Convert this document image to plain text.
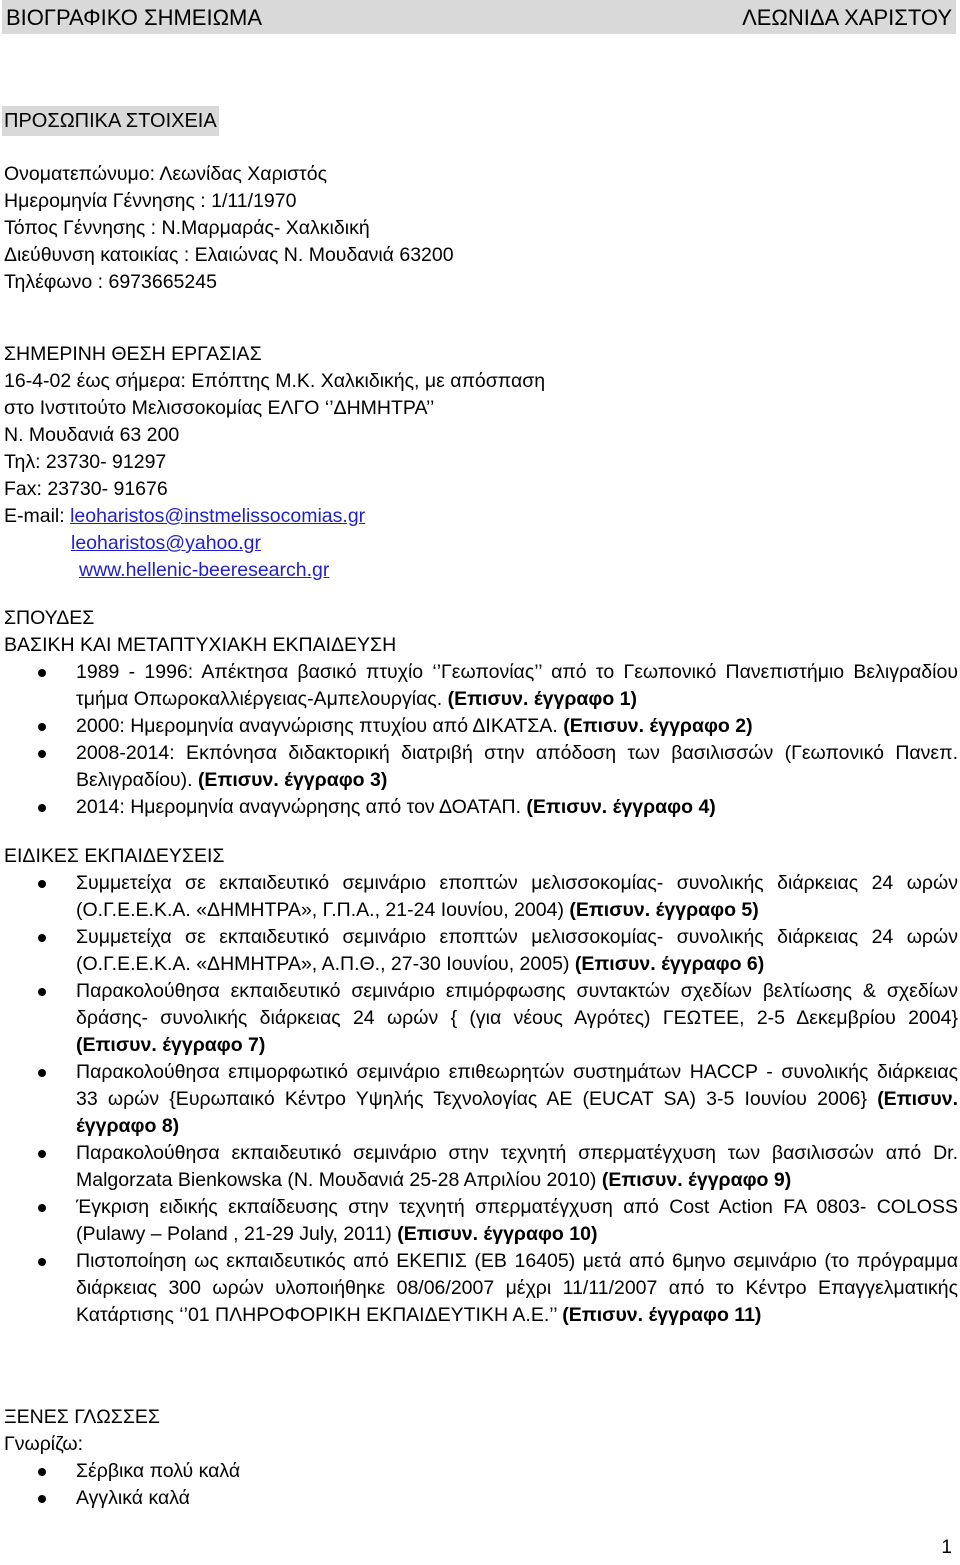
ΒΙΟΓΡΑΦΙΚΟ ΣΗΜΕΙΩΜΑ	ΛΕΩΝΙΔΑ ΧΑΡΙΣΤΟΥ
ΠΡΟΣΩΠΙΚΑ ΣΤΟΙΧΕΙΑ
Ονοματεπώνυμο: Λεωνίδας Χαριστός
Ημερομηνία Γέννησης : 1/11/1970
Τόπος Γέννησης : Ν.Μαρμαράς- Χαλκιδική
Διεύθυνση κατοικίας : Ελαιώνας Ν. Μουδανιά 63200
Τηλέφωνο : 6973665245
ΣΗΜΕΡΙΝΗ ΘΕΣΗ ΕΡΓΑΣΙΑΣ
16-4-02 έως σήμερα: Επόπτης Μ.Κ. Χαλκιδικής, με απόσπαση
στο Ινστιτούτο Μελισσοκομίας ΕΛΓΟ ‘’ΔΗΜΗΤΡΑ’’
Ν. Μουδανιά 63 200
Τηλ: 23730- 91297
Fax: 23730- 91676
E-mail: leoharistos@instmelissocomias.gr
leoharistos@yahoo.gr
www.hellenic-beeresearch.gr
ΣΠΟΥΔΕΣ
ΒΑΣΙΚΗ ΚΑΙ ΜΕΤΑΠΤΥΧΙΑΚΗ ΕΚΠΑΙΔΕΥΣΗ
1989 - 1996: Απέκτησα βασικό πτυχίο ‘’Γεωπονίας’’ από το Γεωπονικό Πανεπιστήμιο Βελιγραδίου τμήμα Οπωροκαλλιέργειας-Αμπελουργίας. (Επισυν. έγγραφο 1)
2000: Ημερομηνία αναγνώρισης πτυχίου από ΔΙΚΑΤΣΑ. (Επισυν. έγγραφο 2)
2008-2014: Εκπόνησα διδακτορική διατριβή στην απόδοση των βασιλισσών (Γεωπονικό Πανεπ. Βελιγραδίου). (Επισυν. έγγραφο 3)
2014: Ημερομηνία αναγνώρησης από τον ΔΟΑΤΑΠ. (Επισυν. έγγραφο 4)
ΕΙΔΙΚΕΣ ΕΚΠΑΙΔΕΥΣΕΙΣ
Συμμετείχα σε εκπαιδευτικό σεμινάριο εποπτών μελισσοκομίας- συνολικής διάρκειας 24 ωρών (Ο.Γ.Ε.Ε.Κ.Α. «ΔΗΜΗΤΡΑ», Γ.Π.Α., 21-24 Ιουνίου, 2004) (Επισυν. έγγραφο 5)
Συμμετείχα σε εκπαιδευτικό σεμινάριο εποπτών μελισσοκομίας- συνολικής διάρκειας 24 ωρών (Ο.Γ.Ε.Ε.Κ.Α. «ΔΗΜΗΤΡΑ», Α.Π.Θ., 27-30 Ιουνίου, 2005) (Επισυν. έγγραφο 6)
Παρακολούθησα εκπαιδευτικό σεμινάριο επιμόρφωσης συντακτών σχεδίων βελτίωσης & σχεδίων δράσης- συνολικής διάρκειας 24 ωρών { (για νέους Αγρότες) ΓΕΩΤΕΕ, 2-5 Δεκεμβρίου 2004} (Επισυν. έγγραφο 7)
Παρακολούθησα επιμορφωτικό σεμινάριο επιθεωρητών συστημάτων HACCP - συνολικής διάρκειας 33 ωρών {Ευρωπαικό Κέντρο Υψηλής Τεχνολογίας ΑΕ (EUCAT SA) 3-5 Ιουνίου 2006} (Επισυν. έγγραφο 8)
Παρακολούθησα εκπαιδευτικό σεμινάριο στην τεχνητή σπερματέγχυση των βασιλισσών από Dr. Malgorzata Bienkowska (Ν. Μουδανιά 25-28 Απριλίου 2010) (Επισυν. έγγραφο 9)
Έγκριση ειδικής εκπαίδευσης στην τεχνητή σπερματέγχυση από Cost Action FA 0803- COLOSS (Pulawy – Poland , 21-29 July, 2011) (Επισυν. έγγραφο 10)
Πιστοποίηση ως εκπαιδευτικός από ΕΚΕΠΙΣ (ΕΒ 16405) μετά από 6μηνο σεμινάριο (το πρόγραμμα διάρκειας 300 ωρών υλοποιήθηκε 08/06/2007 μέχρι 11/11/2007 από το Κέντρο Επαγγελματικής Κατάρτισης ‘’01 ΠΛΗΡΟΦΟΡΙΚΗ ΕΚΠΑΙΔΕΥΤΙΚΗ Α.Ε.’’ (Επισυν. έγγραφο 11)
ΞΕΝΕΣ ΓΛΩΣΣΕΣ
Γνωρίζω:
Σέρβικα πολύ καλά
Αγγλικά καλά
1
